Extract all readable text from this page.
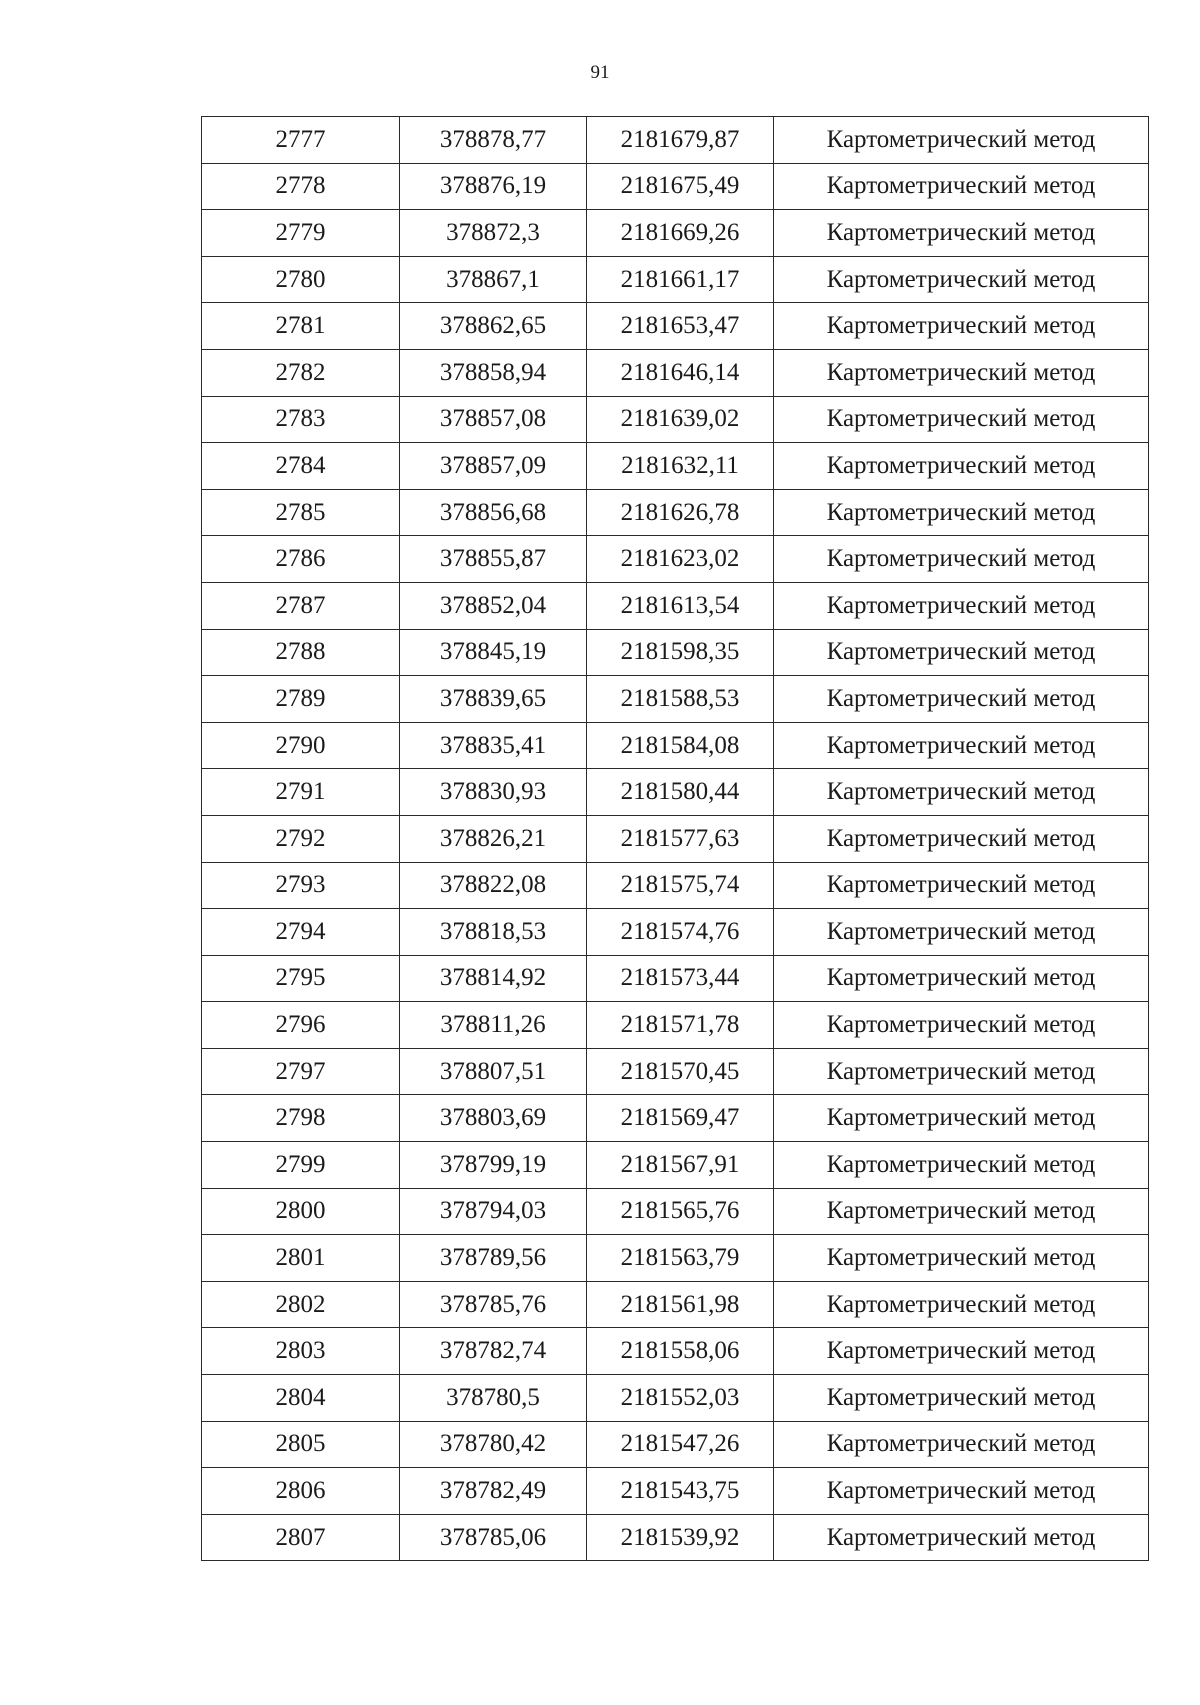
91
2777	378878,77	2181679,87	Картометрический метод
2778	378876,19	2181675,49	Картометрический метод
2779	378872,3	2181669,26	Картометрический метод
2780	378867,1	2181661,17	Картометрический метод
2781	378862,65	2181653,47	Картометрический метод
2782	378858,94	2181646,14	Картометрический метод
2783	378857,08	2181639,02	Картометрический метод
2784	378857,09	2181632,11	Картометрический метод
2785	378856,68	2181626,78	Картометрический метод
2786	378855,87	2181623,02	Картометрический метод
2787	378852,04	2181613,54	Картометрический метод
2788	378845,19	2181598,35	Картометрический метод
2789	378839,65	2181588,53	Картометрический метод
2790	378835,41	2181584,08	Картометрический метод
2791	378830,93	2181580,44	Картометрический метод
2792	378826,21	2181577,63	Картометрический метод
2793	378822,08	2181575,74	Картометрический метод
2794	378818,53	2181574,76	Картометрический метод
2795	378814,92	2181573,44	Картометрический метод
2796	378811,26	2181571,78	Картометрический метод
2797	378807,51	2181570,45	Картометрический метод
2798	378803,69	2181569,47	Картометрический метод
2799	378799,19	2181567,91	Картометрический метод
2800	378794,03	2181565,76	Картометрический метод
2801	378789,56	2181563,79	Картометрический метод
2802	378785,76	2181561,98	Картометрический метод
2803	378782,74	2181558,06	Картометрический метод
2804	378780,5	2181552,03	Картометрический метод
2805	378780,42	2181547,26	Картометрический метод
2806	378782,49	2181543,75	Картометрический метод
2807	378785,06	2181539,92	Картометрический метод
